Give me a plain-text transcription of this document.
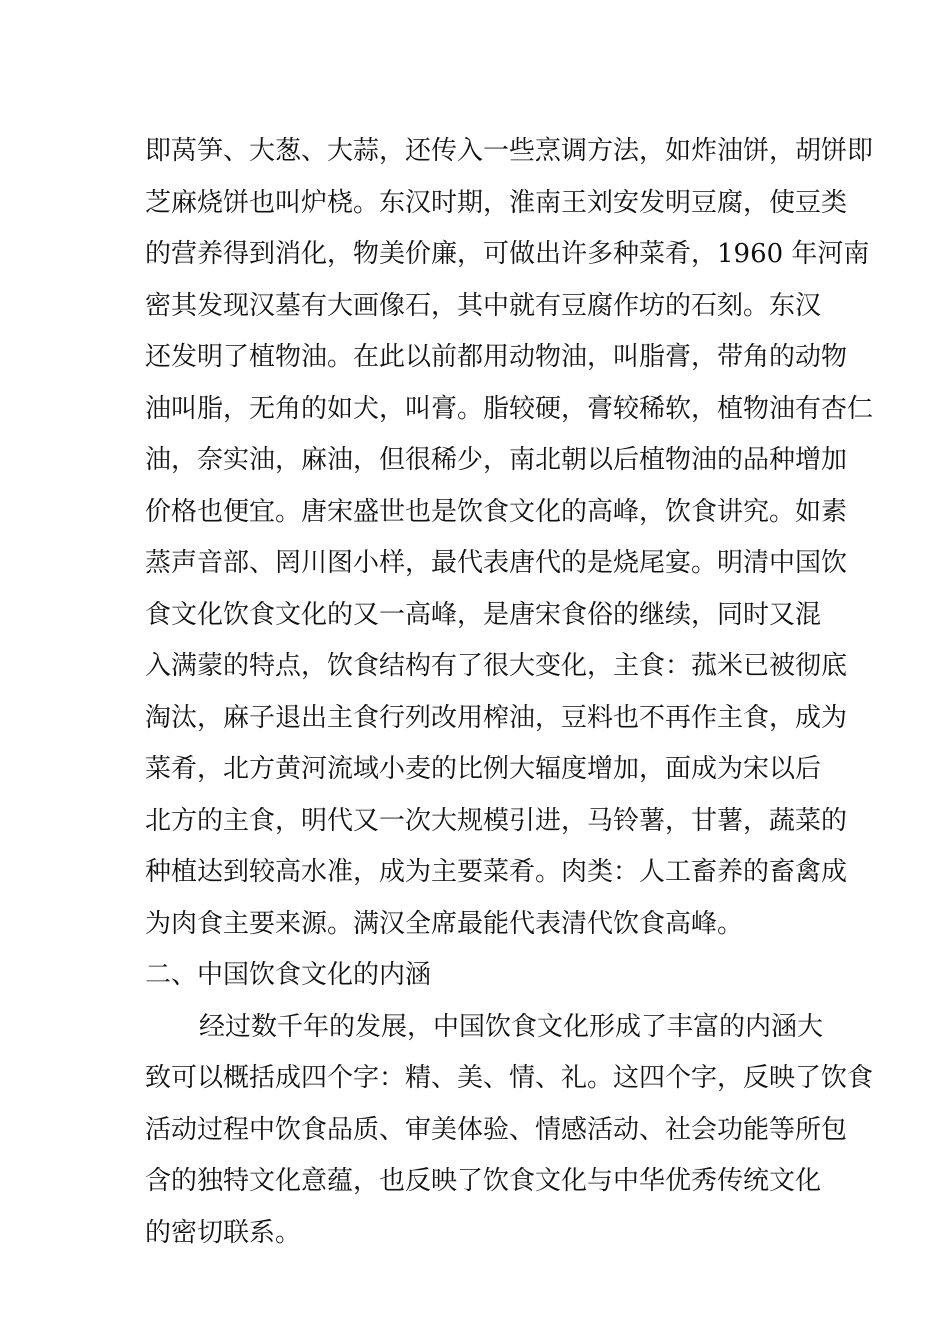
即莴笋、大葱、大蒜，还传入一些烹调方法，如炸油饼，胡饼即
芝麻烧饼也叫炉桡。东汉时期，淮南王刘安发明豆腐，使豆类
的营养得到消化，物美价廉，可做出许多种菜肴，1960 年河南
密其发现汉墓有大画像石，其中就有豆腐作坊的石刻。东汉
还发明了植物油。在此以前都用动物油，叫脂膏，带角的动物
油叫脂，无角的如犬，叫膏。脂较硬，膏较稀软，植物油有杏仁
油，奈实油，麻油，但很稀少，南北朝以后植物油的品种增加
价格也便宜。唐宋盛世也是饮食文化的高峰，饮食讲究。如素
蒸声音部、罔川图小样，最代表唐代的是烧尾宴。明清中国饮
食文化饮食文化的又一高峰，是唐宋食俗的继续，同时又混
入满蒙的特点，饮食结构有了很大变化，主食：菰米已被彻底
淘汰，麻子退出主食行列改用榨油，豆料也不再作主食，成为
菜肴，北方黄河流域小麦的比例大辐度增加，面成为宋以后
北方的主食，明代又一次大规模引进，马铃薯，甘薯，蔬菜的
种植达到较高水准，成为主要菜肴。肉类：人工畜养的畜禽成
为肉食主要来源。满汉全席最能代表清代饮食高峰。
二、中国饮食文化的内涵
经过数千年的发展，中国饮食文化形成了丰富的内涵大
致可以概括成四个字：精、美、情、礼。这四个字，反映了饮食
活动过程中饮食品质、审美体验、情感活动、社会功能等所包
含的独特文化意蕴，也反映了饮食文化与中华优秀传统文化
的密切联系。
